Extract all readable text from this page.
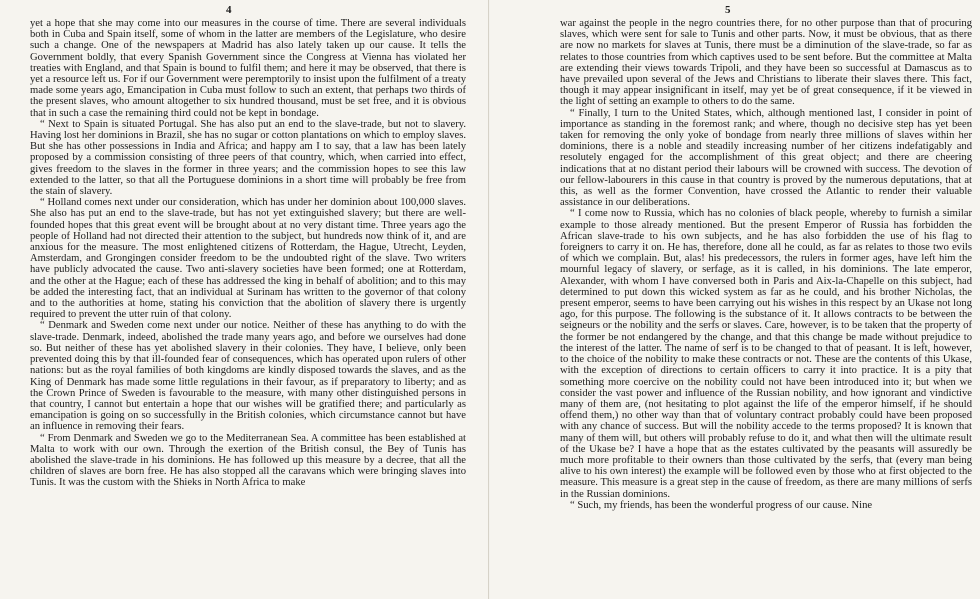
4

yet a hope that she may come into our measures in the course of time. There are several individuals both in Cuba and Spain itself, some of whom in the latter are members of the Legislature, who desire such a change. One of the newspapers at Madrid has also lately taken up our cause. It tells the Government boldly, that every Spanish Government since the Congress at Vienna has violated her treaties with England, and that Spain is bound to fulfil them; and here it may be observed, that there is yet a resource left us. For if our Government were peremptorily to insist upon the fulfilment of a treaty made some years ago, Emancipation in Cuba must follow to such an extent, that perhaps two thirds of the present slaves, who amount altogether to six hundred thousand, must be set free, and it is obvious that in such a case the remaining third could not be kept in bondage.

“ Next to Spain is situated Portugal. She has also put an end to the slave-trade, but not to slavery. Having lost her dominions in Brazil, she has no sugar or cotton plantations on which to employ slaves. But she has other possessions in India and Africa; and happy am I to say, that a law has been lately proposed by a commission consisting of three peers of that country, which, when carried into effect, gives freedom to the slaves in the former in three years; and the commission hopes to see this law extended to the latter, so that all the Portuguese dominions in a short time will probably be free from the stain of slavery.

“ Holland comes next under our consideration, which has under her dominion about 100,000 slaves. She also has put an end to the slave-trade, but has not yet extinguished slavery; but there are well-founded hopes that this great event will be brought about at no very distant time. Three years ago the people of Holland had not directed their attention to the subject, but hundreds now think of it, and are anxious for the measure. The most enlightened citizens of Rotterdam, the Hague, Utrecht, Leyden, Amsterdam, and Grongingen consider freedom to be the undoubted right of the slave. Two writers have publicly advocated the cause. Two anti-slavery societies have been formed; one at Rotterdam, and the other at the Hague; each of these has addressed the king in behalf of abolition; and to this may be added the interesting fact, that an individual at Surinam has written to the governor of that colony and to the authorities at home, stating his conviction that the abolition of slavery there is urgently required to prevent the utter ruin of that colony.

“ Denmark and Sweden come next under our notice. Neither of these has anything to do with the slave-trade. Denmark, indeed, abolished the trade many years ago, and before we ourselves had done so. But neither of these has yet abolished slavery in their colonies. They have, I believe, only been prevented doing this by that ill-founded fear of consequences, which has operated upon rulers of other nations: but as the royal families of both kingdoms are kindly disposed towards the slaves, and as the King of Denmark has made some little regulations in their favour, as if preparatory to liberty; and as the Crown Prince of Sweden is favourable to the measure, with many other distinguished persons in that country, I cannot but entertain a hope that our wishes will be gratified there; and particularly as emancipation is going on so successfully in the British colonies, which circumstance cannot but have an influence in removing their fears.

“ From Denmark and Sweden we go to the Mediterranean Sea. A committee has been established at Malta to work with our own. Through the exertion of the British consul, the Bey of Tunis has abolished the slave-trade in his dominions. He has followed up this measure by a decree, that all the children of slaves are born free. He has also stopped all the caravans which were bringing slaves into Tunis. It was the custom with the Shieks in North Africa to make

5

war against the people in the negro countries there, for no other purpose than that of procuring slaves, which were sent for sale to Tunis and other parts. Now, it must be obvious, that as there are now no markets for slaves at Tunis, there must be a diminution of the slave-trade, so far as relates to those countries from which captives used to be sent before. But the committee at Malta are extending their views towards Tripoli, and they have been so successful at Damascus as to have prevailed upon several of the Jews and Christians to liberate their slaves there. This fact, though it may appear insignificant in itself, may yet be of great consequence, if it be viewed in the light of setting an example to others to do the same.

“ Finally, I turn to the United States, which, although mentioned last, I consider in point of importance as standing in the foremost rank; and where, though no decisive step has yet been taken for removing the only yoke of bondage from nearly three millions of slaves within her dominions, there is a noble and steadily increasing number of her citizens indefatigably and resolutely engaged for the accomplishment of this great object; and there are cheering indications that at no distant period their labours will be crowned with success. The devotion of our fellow-labourers in this cause in that country is proved by the numerous deputations, that at this, as well as the former Convention, have crossed the Atlantic to render their valuable assistance in our deliberations.

“ I come now to Russia, which has no colonies of black people, whereby to furnish a similar example to those already mentioned. But the present Emperor of Russia has forbidden the African slave-trade to his own subjects, and he has also forbidden the use of his flag to foreigners to carry it on. He has, therefore, done all he could, as far as relates to those two evils of which we complain. But, alas! his predecessors, the rulers in former ages, have left him the mournful legacy of slavery, or serfage, as it is called, in his dominions. The late emperor, Alexander, with whom I have conversed both in Paris and Aix-la-Chapelle on this subject, had determined to put down this wicked system as far as he could, and his brother Nicholas, the present emperor, seems to have been carrying out his wishes in this respect by an Ukase not long ago, for this purpose. The following is the substance of it. It allows contracts to be between the seigneurs or the nobility and the serfs or slaves. Care, however, is to be taken that the property of the former be not endangered by the change, and that this change be made without prejudice to the interest of the latter. The name of serf is to be changed to that of peasant. It is left, however, to the choice of the nobility to make these contracts or not. These are the contents of this Ukase, with the exception of directions to certain officers to carry it into practice. It is a pity that something more coercive on the nobility could not have been introduced into it; but when we consider the vast power and influence of the Russian nobility, and how ignorant and vindictive many of them are, (not hesitating to plot against the life of the emperor himself, if he should offend them,) no other way than that of voluntary contract probably could have been proposed with any chance of success. But will the nobility accede to the terms proposed? It is known that many of them will, but others will probably refuse to do it, and what then will the ultimate result of the Ukase be? I have a hope that as the estates cultivated by the peasants will assuredly be much more profitable to their owners than those cultivated by the serfs, that (every man being alive to his own interest) the example will be followed even by those who at first objected to the measure. This measure is a great step in the cause of freedom, as there are many millions of serfs in the Russian dominions.

“ Such, my friends, has been the wonderful progress of our cause. Nine
